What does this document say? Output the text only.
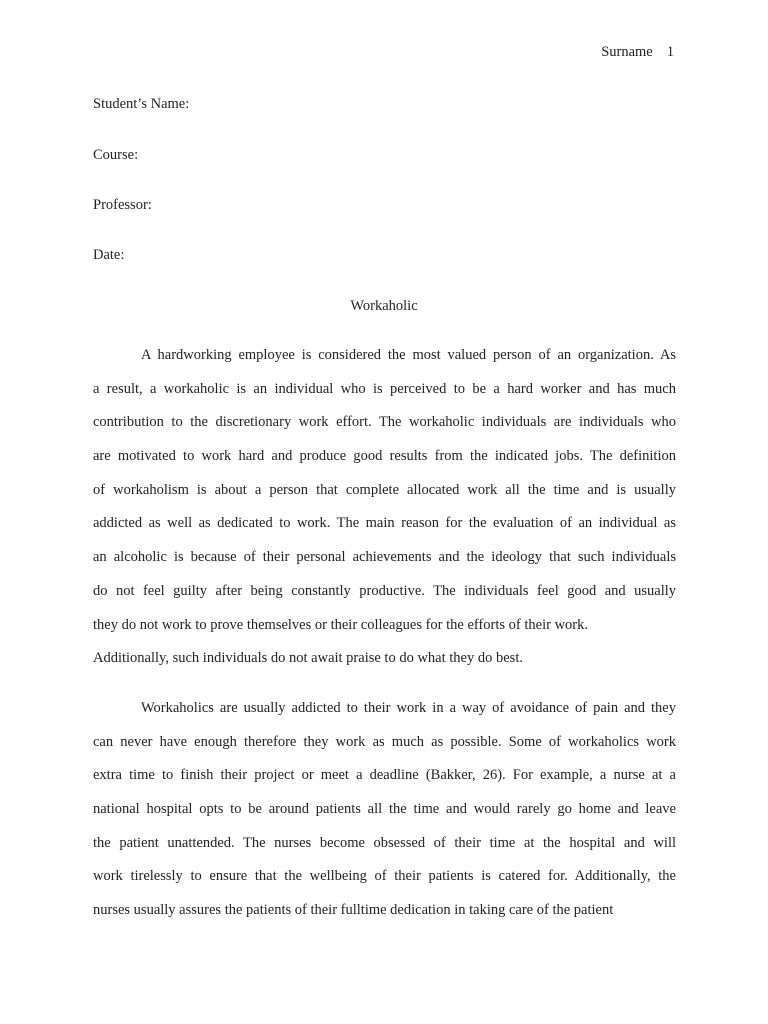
Surname 1
Student’s Name:
Course:
Professor:
Date:
Workaholic
A hardworking employee is considered the most valued person of an organization. As
a result, a workaholic is an individual who is perceived to be a hard worker and has much
contribution to the discretionary work effort. The workaholic individuals are individuals who
are motivated to work hard and produce good results from the indicated jobs. The definition
of workaholism is about a person that complete allocated work all the time and is usually
addicted as well as dedicated to work. The main reason for the evaluation of an individual as
an alcoholic is because of their personal achievements and the ideology that such individuals
do not feel guilty after being constantly productive. The individuals feel good and usually
they do not work to prove themselves or their colleagues for the efforts of their work.
Additionally, such individuals do not await praise to do what they do best.
Workaholics are usually addicted to their work in a way of avoidance of pain and they
can never have enough therefore they work as much as possible. Some of workaholics work
extra time to finish their project or meet a deadline (Bakker, 26). For example, a nurse at a
national hospital opts to be around patients all the time and would rarely go home and leave
the patient unattended. The nurses become obsessed of their time at the hospital and will
work tirelessly to ensure that the wellbeing of their patients is catered for. Additionally, the
nurses usually assures the patients of their fulltime dedication in taking care of the patient
